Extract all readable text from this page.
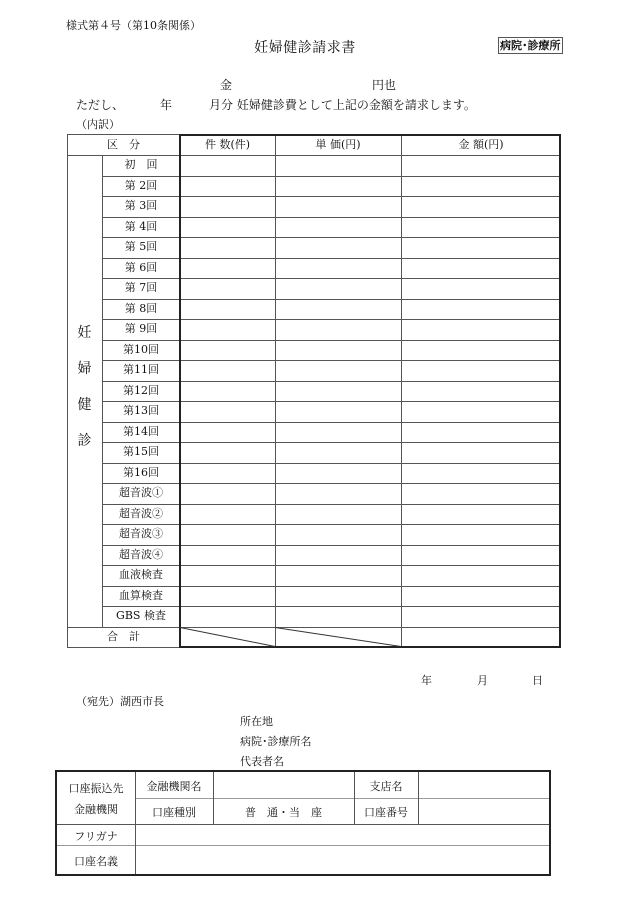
様式第４号（第10条関係）
妊婦健診請求書	病院･診療所
金	円也
ただし、	年	月分 妊婦健診費として上記の金額を請求します。
（内訳）
区　分	件 数(件)	単 価(円)	金 額(円)
妊
婦
健
診
初　回
第 2回
第 3回
第 4回
第 5回
第 6回
第 7回
第 8回
第 9回
第10回
第11回
第12回
第13回
第14回
第15回
第16回
超音波①
超音波②
超音波③
超音波④
血液検査
血算検査
GBS 検査
合　計
年	月	日
（宛先）湖西市長
所在地
病院･診療所名
代表者名
口座振込先
金融機関
金融機関名	支店名
口座種別	普　通・当　座	口座番号
フリガナ
口座名義
